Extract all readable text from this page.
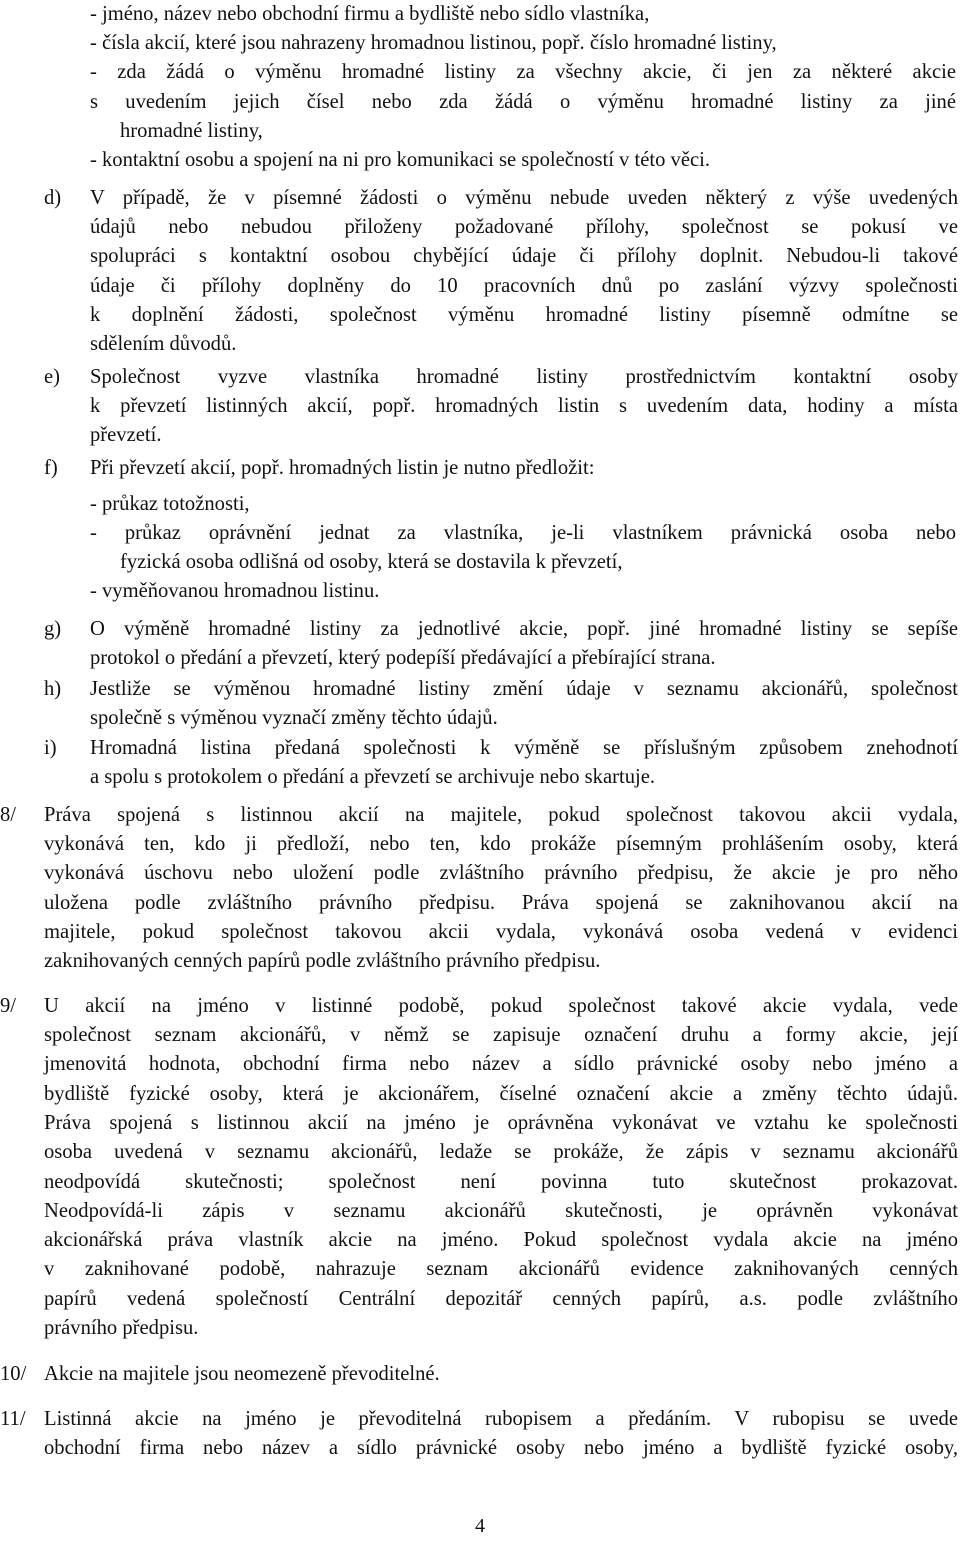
- jméno, název nebo obchodní firmu a bydliště nebo sídlo vlastníka,
- čísla akcií, které jsou nahrazeny hromadnou listinou, popř. číslo hromadné listiny,
- zda žádá o výměnu hromadné listiny za všechny akcie, či jen za některé akcie
s uvedením jejich čísel nebo zda žádá o výměnu hromadné listiny za jiné
hromadné listiny,
- kontaktní osobu a spojení na ni pro komunikaci se společností v této věci.
d)	V případě, že v písemné žádosti o výměnu nebude uveden některý z výše uvedených
údajů nebo nebudou přiloženy požadované přílohy, společnost se pokusí ve
spolupráci s kontaktní osobou chybějící údaje či přílohy doplnit. Nebudou-li takové
údaje či přílohy doplněny do 10 pracovních dnů po zaslání výzvy společnosti
k doplnění žádosti, společnost výměnu hromadné listiny písemně odmítne se
sdělením důvodů.
e)	Společnost vyzve vlastníka hromadné listiny prostřednictvím kontaktní osoby
k převzetí listinných akcií, popř. hromadných listin s uvedením data, hodiny a místa
převzetí.
f)	Při převzetí akcií, popř. hromadných listin je nutno předložit:
- průkaz totožnosti,
- průkaz oprávnění jednat za vlastníka, je-li vlastníkem právnická osoba nebo
fyzická osoba odlišná od osoby, která se dostavila k převzetí,
- vyměňovanou hromadnou listinu.
g)	O výměně hromadné listiny za jednotlivé akcie, popř. jiné hromadné listiny se sepíše
protokol o předání a převzetí, který podepíší předávající a přebírající strana.
h)	Jestliže se výměnou hromadné listiny změní údaje v seznamu akcionářů, společnost
společně s výměnou vyznačí změny těchto údajů.
i)	Hromadná listina předaná společnosti k výměně se příslušným způsobem znehodnotí
a spolu s protokolem o předání a převzetí se archivuje nebo skartuje.
8/	Práva spojená s listinnou akcií na majitele, pokud společnost takovou akcii vydala,
vykonává ten, kdo ji předloží, nebo ten, kdo prokáže písemným prohlášením osoby, která
vykonává úschovu nebo uložení podle zvláštního právního předpisu, že akcie je pro něho
uložena podle zvláštního právního předpisu. Práva spojená se zaknihovanou akcií na
majitele, pokud společnost takovou akcii vydala, vykonává osoba vedená v evidenci
zaknihovaných cenných papírů podle zvláštního právního předpisu.
9/	U akcií na jméno v listinné podobě, pokud společnost takové akcie vydala, vede
společnost seznam akcionářů, v němž se zapisuje označení druhu a formy akcie, její
jmenovitá hodnota, obchodní firma nebo název a sídlo právnické osoby nebo jméno a
bydliště fyzické osoby, která je akcionářem, číselné označení akcie a změny těchto údajů.
Práva spojená s listinnou akcií na jméno je oprávněna vykonávat ve vztahu ke společnosti
osoba uvedená v seznamu akcionářů, ledaže se prokáže, že zápis v seznamu akcionářů
neodpovídá skutečnosti; společnost není povinna tuto skutečnost prokazovat.
Neodpovídá-li zápis v seznamu akcionářů skutečnosti, je oprávněn vykonávat
akcionářská práva vlastník akcie na jméno. Pokud společnost vydala akcie na jméno
v zaknihované podobě, nahrazuje seznam akcionářů evidence zaknihovaných cenných
papírů vedená společností Centrální depozitář cenných papírů, a.s. podle zvláštního
právního předpisu.
10/ Akcie na majitele jsou neomezeně převoditelné.
11/ Listinná akcie na jméno je převoditelná rubopisem a předáním. V rubopisu se uvede
obchodní firma nebo název a sídlo právnické osoby nebo jméno a bydliště fyzické osoby,
4
